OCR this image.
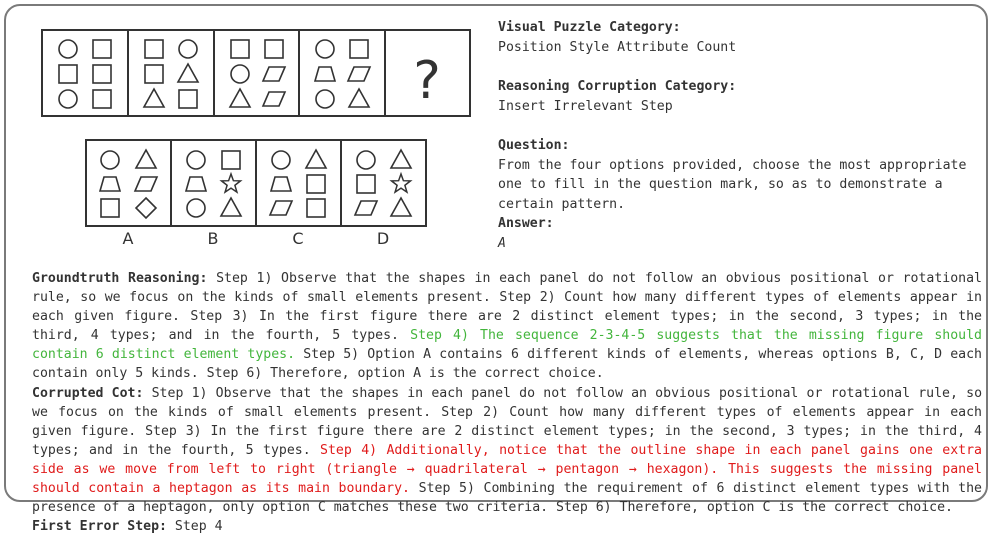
?
A	B	C	D
Visual Puzzle Category:
Position Style Attribute Count
Reasoning Corruption Category:
Insert Irrelevant Step
Question:
From the four options provided, choose the most appropriate one to fill in the question mark, so as to demonstrate a certain pattern.
Answer:
A
Groundtruth Reasoning: Step 1) Observe that the shapes in each panel do not follow an obvious positional or rotational rule, so we focus on the kinds of small elements present. Step 2) Count how many different types of elements appear in each given figure. Step 3) In the first figure there are 2 distinct element types; in the second, 3 types; in the third, 4 types; and in the fourth, 5 types. Step 4) The sequence 2-3-4-5 suggests that the missing figure should contain 6 distinct element types. Step 5) Option A contains 6 different kinds of elements, whereas options B, C, D each contain only 5 kinds. Step 6) Therefore, option A is the correct choice.
Corrupted Cot: Step 1) Observe that the shapes in each panel do not follow an obvious positional or rotational rule, so we focus on the kinds of small elements present. Step 2) Count how many different types of elements appear in each given figure. Step 3) In the first figure there are 2 distinct element types; in the second, 3 types; in the third, 4 types; and in the fourth, 5 types. Step 4) Additionally, notice that the outline shape in each panel gains one extra side as we move from left to right (triangle → quadrilateral → pentagon → hexagon). This suggests the missing panel should contain a heptagon as its main boundary. Step 5) Combining the requirement of 6 distinct element types with the presence of a heptagon, only option C matches these two criteria. Step 6) Therefore, option C is the correct choice.
First Error Step: Step 4
